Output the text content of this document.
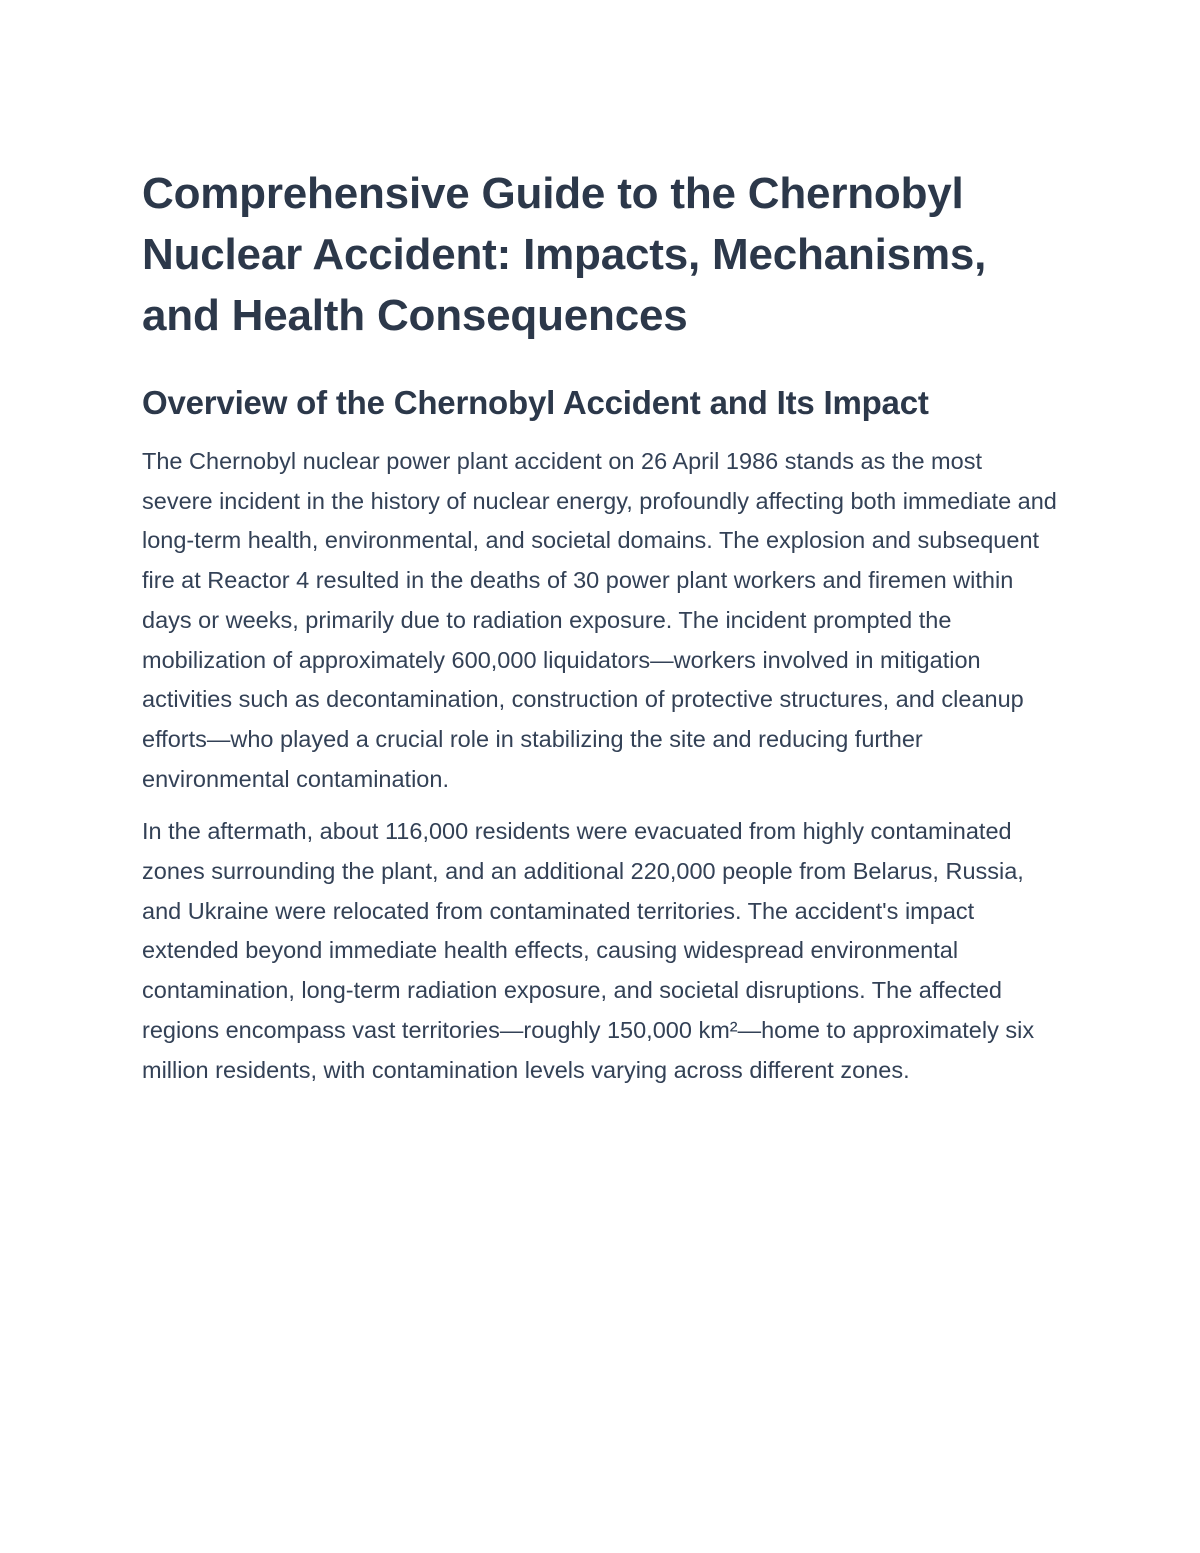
Comprehensive Guide to the Chernobyl Nuclear Accident: Impacts, Mechanisms, and Health Consequences
Overview of the Chernobyl Accident and Its Impact

The Chernobyl nuclear power plant accident on 26 April 1986 stands as the most severe incident in the history of nuclear energy, profoundly affecting both immediate and long-term health, environmental, and societal domains. The explosion and subsequent fire at Reactor 4 resulted in the deaths of 30 power plant workers and firemen within days or weeks, primarily due to radiation exposure. The incident prompted the mobilization of approximately 600,000 liquidators—workers involved in mitigation activities such as decontamination, construction of protective structures, and cleanup efforts—who played a crucial role in stabilizing the site and reducing further environmental contamination.

In the aftermath, about 116,000 residents were evacuated from highly contaminated zones surrounding the plant, and an additional 220,000 people from Belarus, Russia, and Ukraine were relocated from contaminated territories. The accident's impact extended beyond immediate health effects, causing widespread environmental contamination, long-term radiation exposure, and societal disruptions. The affected regions encompass vast territories—roughly 150,000 km²—home to approximately six million residents, with contamination levels varying across different zones.
